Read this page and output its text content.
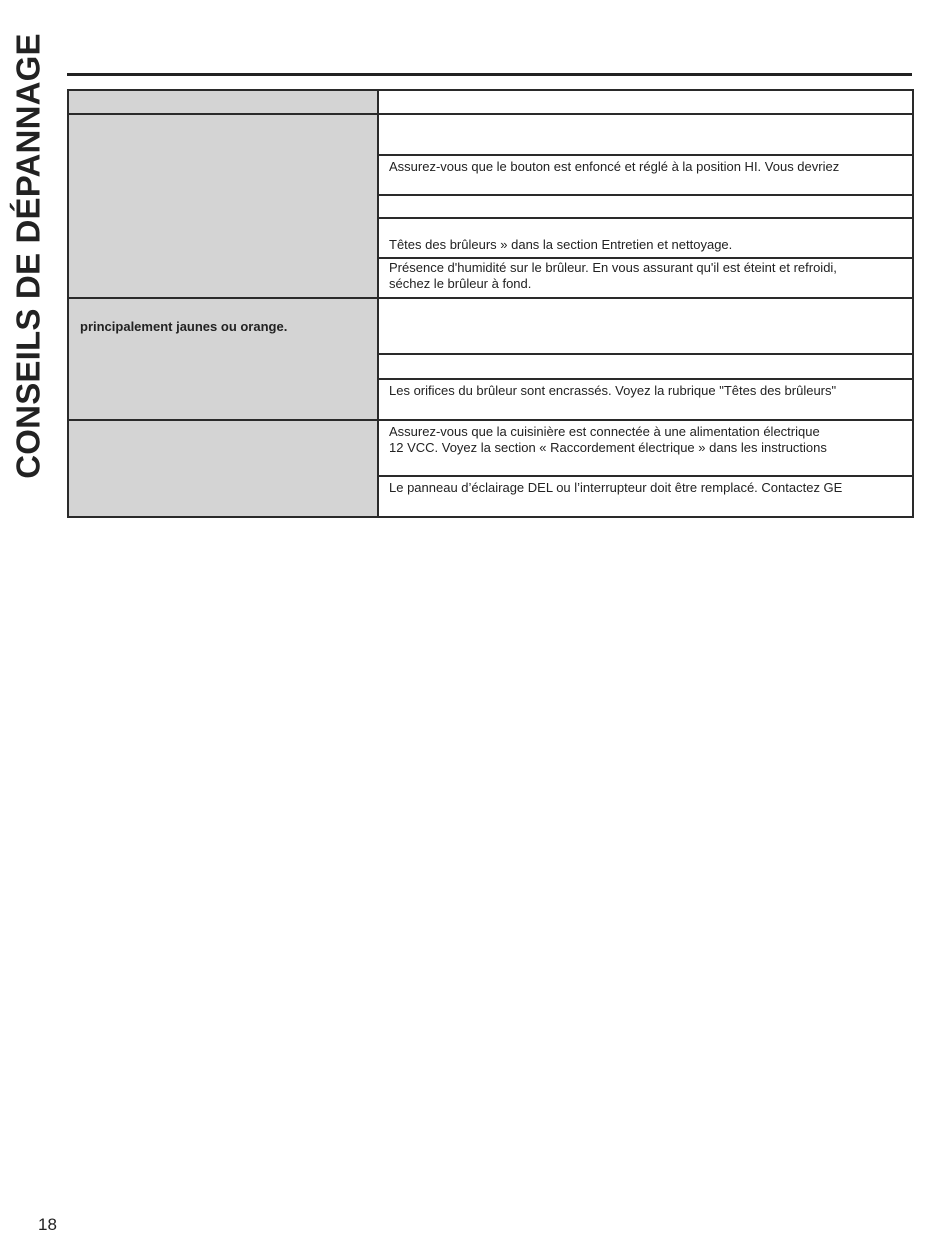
CONSEILS DE DÉPANNAGE

	Assurez-vous que le bouton est enfoncé et réglé à la position HI. Vous devriez

	Têtes des brûleurs » dans la section Entretien et nettoyage.

	Présence d'humidité sur le brûleur. En vous assurant qu'il est éteint et refroidi,
séchez le brûleur à fond.

principalement jaunes ou orange.	

	Les orifices du brûleur sont encrassés. Voyez la rubrique "Têtes des brûleurs"

	Assurez-vous que la cuisinière est connectée à une alimentation électrique
12 VCC. Voyez la section « Raccordement électrique » dans les instructions

	Le panneau d’éclairage DEL ou l’interrupteur doit être remplacé. Contactez GE
18
